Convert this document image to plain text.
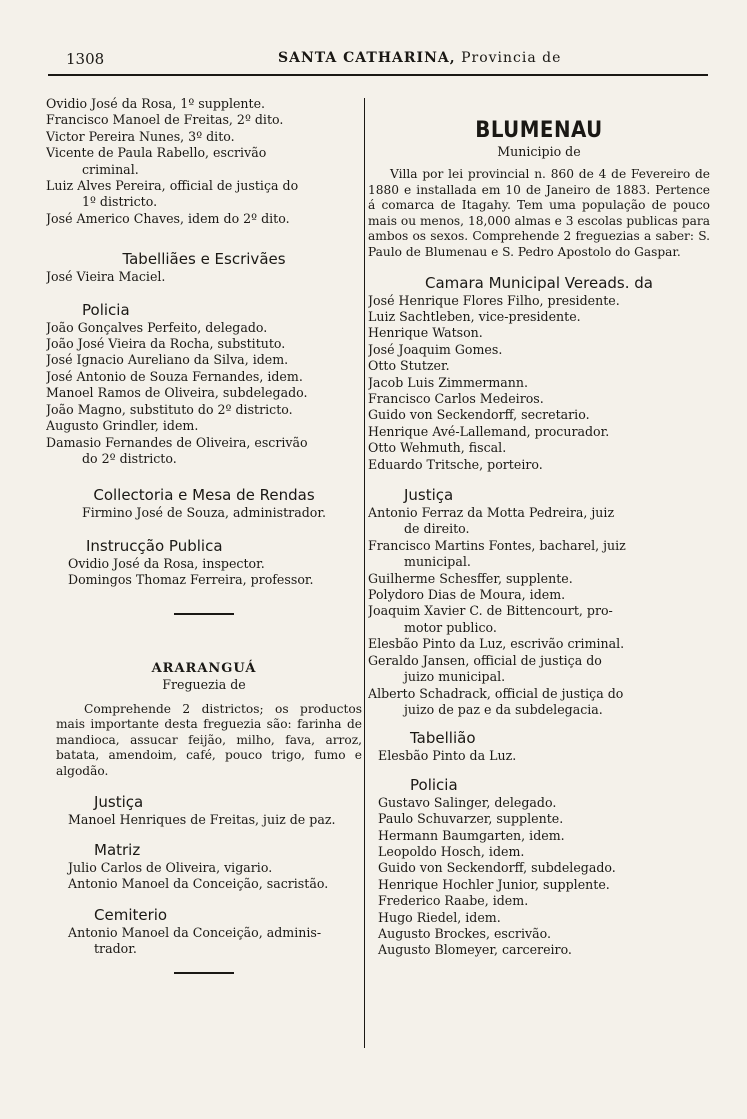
1308	SANTA CATHARINA, Provincia de
Ovidio José da Rosa, 1º supplente.
Francisco Manoel de Freitas, 2º dito.
Victor Pereira Nunes, 3º dito.
Vicente de Paula Rabello, escrivão
criminal.
Luiz Alves Pereira, official de justiça do
1º districto.
José Americo Chaves, idem do 2º dito.
Tabelliães e Escrivães
José Vieira Maciel.
Policia
João Gonçalves Perfeito, delegado.
João José Vieira da Rocha, substituto.
José Ignacio Aureliano da Silva, idem.
José Antonio de Souza Fernandes, idem.
Manoel Ramos de Oliveira, subdelegado.
João Magno, substituto do 2º districto.
Augusto Grindler, idem.
Damasio Fernandes de Oliveira, escrivão
do 2º districto.
Collectoria e Mesa de Rendas
Firmino José de Souza, administrador.
Instrucção Publica
Ovidio José da Rosa, inspector.
Domingos Thomaz Ferreira, professor.
ARARANGUÁ
Freguezia de
Comprehende 2 districtos; os productos mais importante desta freguezia são: farinha de mandioca, assucar feijão, milho, fava, arroz, batata, amendoim, café, pouco trigo, fumo e algodão.
Justiça
Manoel Henriques de Freitas, juiz de paz.
Matriz
Julio Carlos de Oliveira, vigario.
Antonio Manoel da Conceição, sacristão.
Cemiterio
Antonio Manoel da Conceição, adminis-
trador.
BLUMENAU
Municipio de
Villa por lei provincial n. 860 de 4 de Fevereiro de 1880 e installada em 10 de Janeiro de 1883. Pertence á comarca de Itagahy. Tem uma população de pouco mais ou menos, 18,000 almas e 3 escolas publicas para ambos os sexos. Comprehende 2 freguezias a saber: S. Paulo de Blumenau e S. Pedro Apostolo do Gaspar.
Camara Municipal Vereads. da
José Henrique Flores Filho, presidente.
Luiz Sachtleben, vice-presidente.
Henrique Watson.
José Joaquim Gomes.
Otto Stutzer.
Jacob Luis Zimmermann.
Francisco Carlos Medeiros.
Guido von Seckendorff, secretario.
Henrique Avé-Lallemand, procurador.
Otto Wehmuth, fiscal.
Eduardo Tritsche, porteiro.
Justiça
Antonio Ferraz da Motta Pedreira, juiz
de direito.
Francisco Martins Fontes, bacharel, juiz
municipal.
Guilherme Schesffer, supplente.
Polydoro Dias de Moura, idem.
Joaquim Xavier C. de Bittencourt, pro-
motor publico.
Elesbão Pinto da Luz, escrivão criminal.
Geraldo Jansen, official de justiça do
juizo municipal.
Alberto Schadrack, official de justiça do
juizo de paz e da subdelegacia.
Tabellião
Elesbão Pinto da Luz.
Policia
Gustavo Salinger, delegado.
Paulo Schuvarzer, supplente.
Hermann Baumgarten, idem.
Leopoldo Hosch, idem.
Guido von Seckendorff, subdelegado.
Henrique Hochler Junior, supplente.
Frederico Raabe, idem.
Hugo Riedel, idem.
Augusto Brockes, escrivão.
Augusto Blomeyer, carcereiro.
